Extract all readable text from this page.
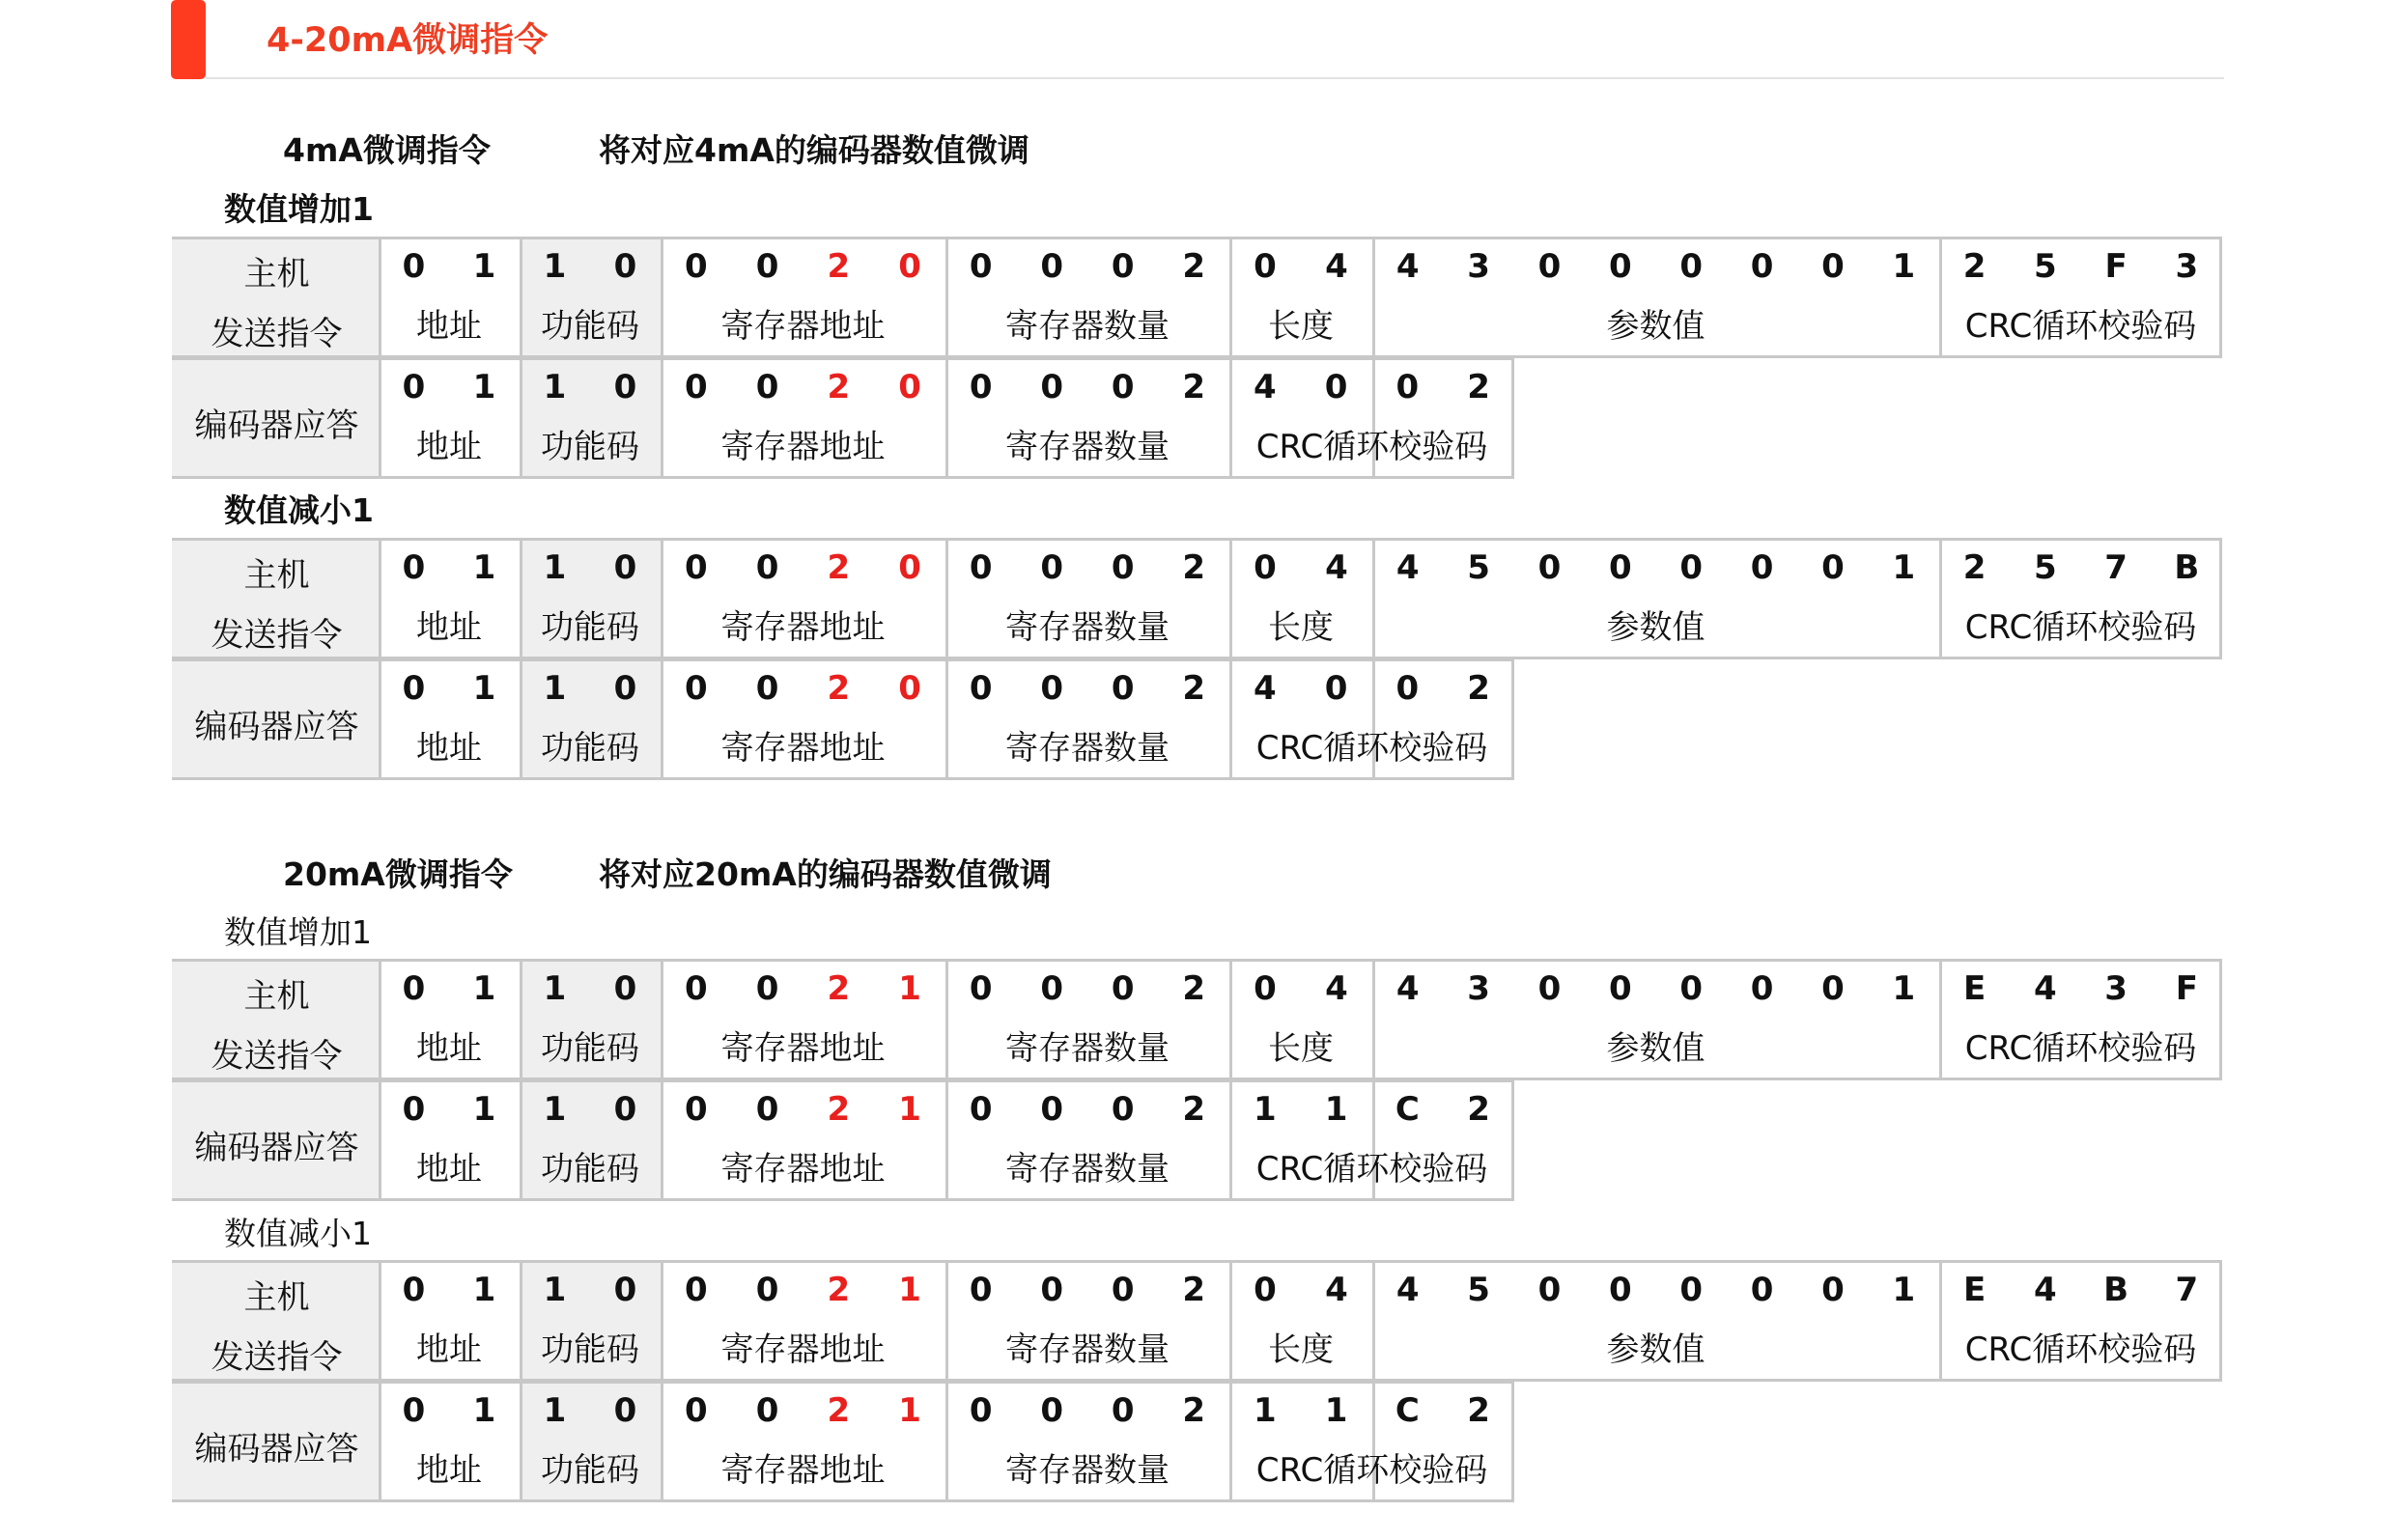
4-20mA微调指令
4mA微调指令	将对应4mA的编码器数值微调
数值增加1
主机
发送指令
0 1
地址
1 0
功能码
0 0 2 0
寄存器地址
0 0 0 2
寄存器数量
0 4
长度
4 3 0 0 0 0 0 1
参数值
2 5 F 3
CRC循环校验码
编码器应答
0 1
地址
1 0
功能码
0 0 2 0
寄存器地址
0 0 0 2
寄存器数量
4 0 0 2
CRC循环校验码
数值减小1
主机
发送指令
0 1
地址
1 0
功能码
0 0 2 0
寄存器地址
0 0 0 2
寄存器数量
0 4
长度
4 5 0 0 0 0 0 1
参数值
2 5 7 B
CRC循环校验码
编码器应答
0 1
地址
1 0
功能码
0 0 2 0
寄存器地址
0 0 0 2
寄存器数量
4 0 0 2
CRC循环校验码
20mA微调指令	将对应20mA的编码器数值微调
数值增加1
主机
发送指令
0 1
地址
1 0
功能码
0 0 2 1
寄存器地址
0 0 0 2
寄存器数量
0 4
长度
4 3 0 0 0 0 0 1
参数值
E 4 3 F
CRC循环校验码
编码器应答
0 1
地址
1 0
功能码
0 0 2 1
寄存器地址
0 0 0 2
寄存器数量
1 1 C 2
CRC循环校验码
数值减小1
主机
发送指令
0 1
地址
1 0
功能码
0 0 2 1
寄存器地址
0 0 0 2
寄存器数量
0 4
长度
4 5 0 0 0 0 0 1
参数值
E 4 B 7
CRC循环校验码
编码器应答
0 1
地址
1 0
功能码
0 0 2 1
寄存器地址
0 0 0 2
寄存器数量
1 1 C 2
CRC循环校验码
